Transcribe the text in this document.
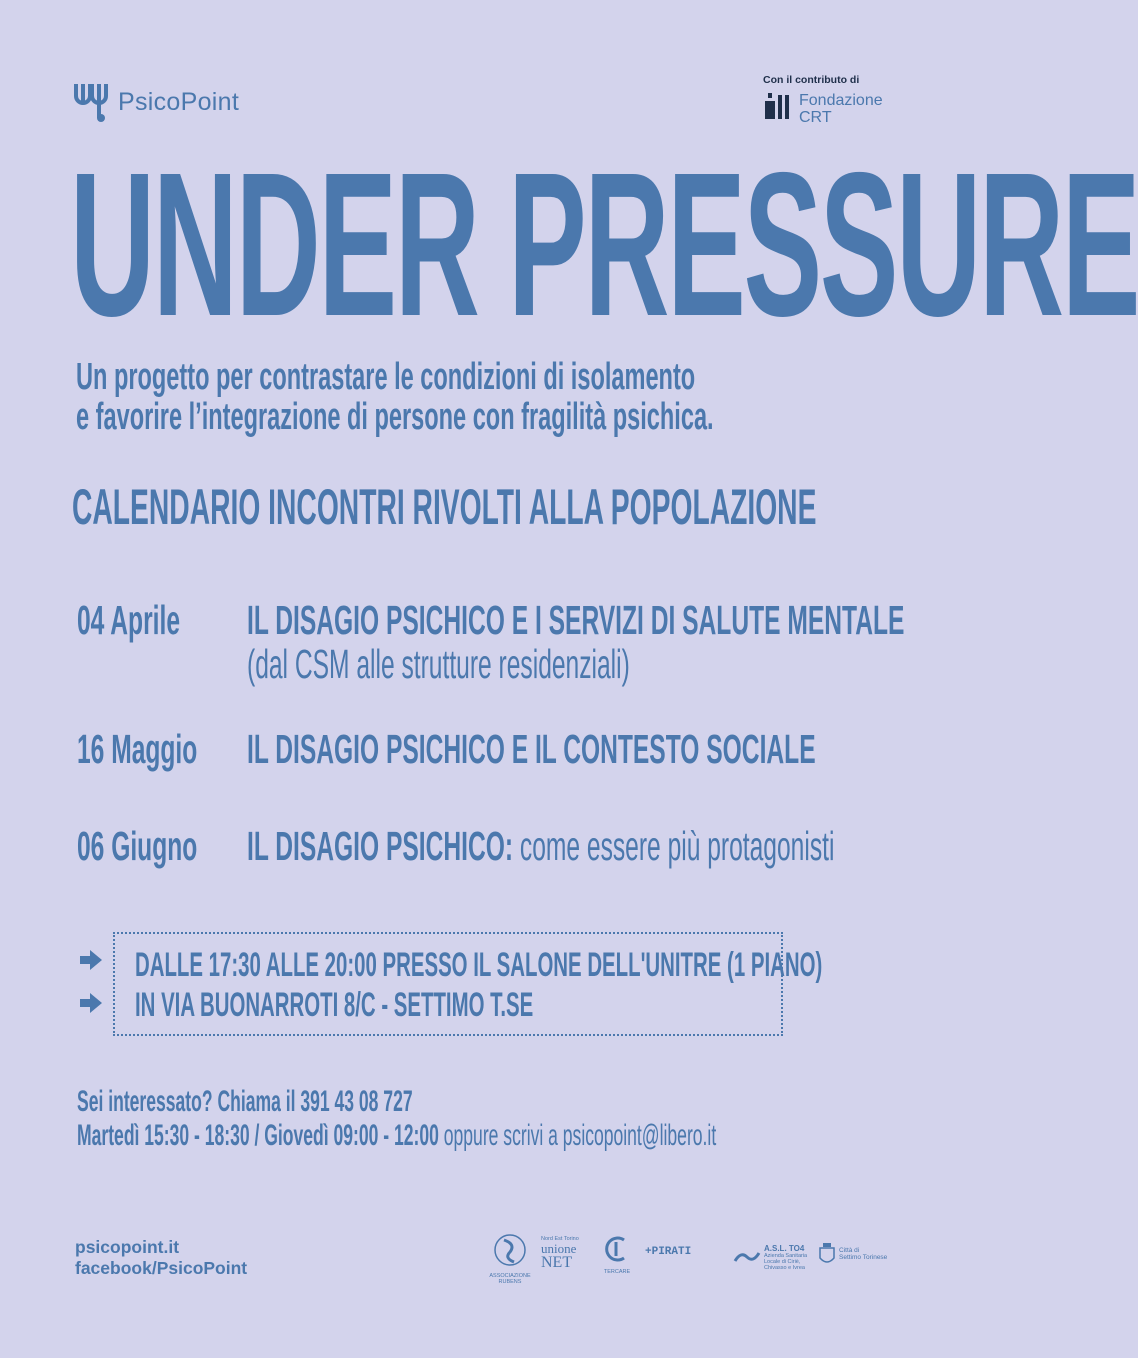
PsicoPoint
Con il contributo di
Fondazione
CRT
UNDER PRESSURE
Un progetto per contrastare le condizioni di isolamento
e favorire l’integrazione di persone con fragilità psichica.
CALENDARIO INCONTRI RIVOLTI ALLA POPOLAZIONE
04 Aprile IL DISAGIO PSICHICO E I SERVIZI DI SALUTE MENTALE
(dal CSM alle strutture residenziali)
16 Maggio IL DISAGIO PSICHICO E IL CONTESTO SOCIALE
06 Giugno IL DISAGIO PSICHICO: come essere più protagonisti
DALLE 17:30 ALLE 20:00 PRESSO IL SALONE DELL'UNITRE (1 PIANO)
IN VIA BUONARROTI 8/C - SETTIMO T.SE
Sei interessato? Chiama il 391 43 08 727
Martedì 15:30 - 18:30 / Giovedì 09:00 - 12:00 oppure scrivi a psicopoint@libero.it
psicopoint.it
facebook/PsicoPoint	ASSOCIAZIONE RUBENS
Nord Est Torino
unione
NET
TERCARE
+PIRATI	A.S.L. TO4
Azienda Sanitaria Locale di Ciriè, Chivasso e Ivrea
Città di
Settimo Torinese
